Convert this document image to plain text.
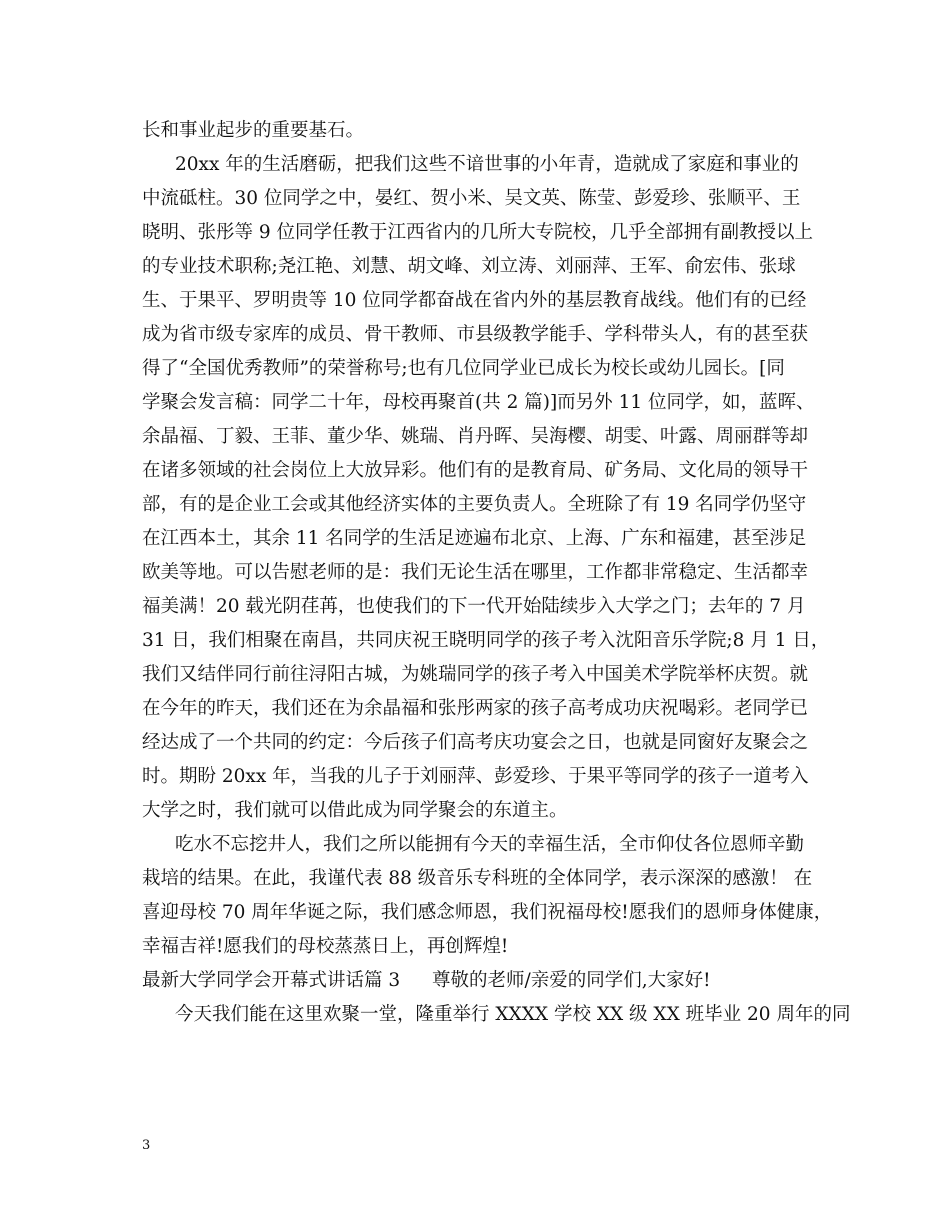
长和事业起步的重要基石。
20xx 年的生活磨砺，把我们这些不谙世事的小年青，造就成了家庭和事业的
中流砥柱。30 位同学之中，晏红、贺小米、吴文英、陈莹、彭爱珍、张顺平、王
晓明、张彤等 9 位同学任教于江西省内的几所大专院校，几乎全部拥有副教授以上
的专业技术职称;尧江艳、刘慧、胡文峰、刘立涛、刘丽萍、王军、俞宏伟、张球
生、于果平、罗明贵等 10 位同学都奋战在省内外的基层教育战线。他们有的已经
成为省市级专家库的成员、骨干教师、市县级教学能手、学科带头人，有的甚至获
得了“全国优秀教师”的荣誉称号;也有几位同学业已成长为校长或幼儿园长。[同
学聚会发言稿：同学二十年，母校再聚首(共 2 篇)]而另外 11 位同学，如，蓝晖、
余晶福、丁毅、王菲、董少华、姚瑞、肖丹晖、吴海樱、胡雯、叶露、周丽群等却
在诸多领域的社会岗位上大放异彩。他们有的是教育局、矿务局、文化局的领导干
部，有的是企业工会或其他经济实体的主要负责人。全班除了有 19 名同学仍坚守
在江西本土，其余 11 名同学的生活足迹遍布北京、上海、广东和福建，甚至涉足
欧美等地。可以告慰老师的是：我们无论生活在哪里，工作都非常稳定、生活都幸
福美满！20 载光阴荏苒，也使我们的下一代开始陆续步入大学之门；去年的 7 月
31 日，我们相聚在南昌，共同庆祝王晓明同学的孩子考入沈阳音乐学院;8 月 1 日，
我们又结伴同行前往浔阳古城，为姚瑞同学的孩子考入中国美术学院举杯庆贺。就
在今年的昨天，我们还在为余晶福和张彤两家的孩子高考成功庆祝喝彩。老同学已
经达成了一个共同的约定：今后孩子们高考庆功宴会之日，也就是同窗好友聚会之
时。期盼 20xx 年，当我的儿子于刘丽萍、彭爱珍、于果平等同学的孩子一道考入
大学之时，我们就可以借此成为同学聚会的东道主。
吃水不忘挖井人，我们之所以能拥有今天的幸福生活，全市仰仗各位恩师辛勤
栽培的结果。在此，我谨代表 88 级音乐专科班的全体同学，表示深深的感激！ 在
喜迎母校 70 周年华诞之际，我们感念师恩，我们祝福母校!愿我们的恩师身体健康，
幸福吉祥!愿我们的母校蒸蒸日上，再创辉煌!
最新大学同学会开幕式讲话篇 3 尊敬的老师/亲爱的同学们,大家好!
今天我们能在这里欢聚一堂，隆重举行 XXXX 学校 XX 级 XX 班毕业 20 周年的同
3
